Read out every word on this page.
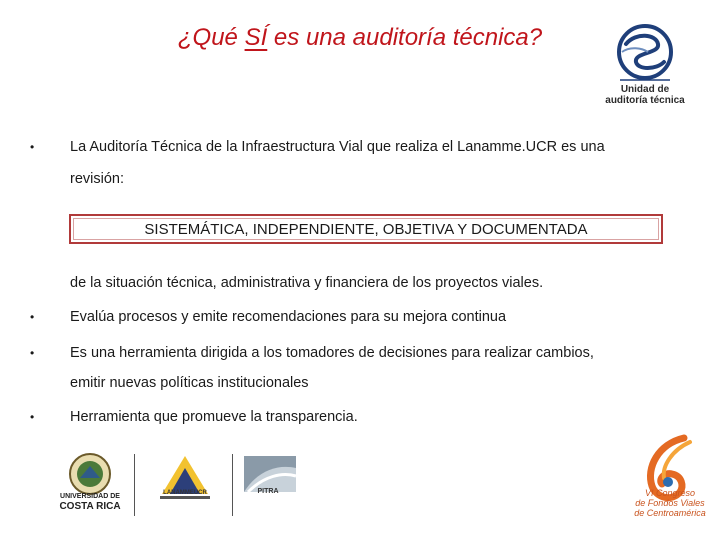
¿Qué SÍ es una auditoría técnica?
Unidad de
auditoría técnica
• La Auditoría Técnica de la Infraestructura Vial que realiza el Lanamme.UCR es una
revisión:
SISTEMÁTICA, INDEPENDIENTE, OBJETIVA Y DOCUMENTADA
de la situación técnica, administrativa y financiera de los proyectos viales.
• Evalúa procesos y emite recomendaciones para su mejora continua
• Es una herramienta dirigida a los tomadores de decisiones para realizar cambios,
emitir nuevas políticas institucionales
• Herramienta que promueve la transparencia.
UNIVERSIDAD DE
COSTA RICA
LANAMMEUCR	PITRA	VI Congreso
de Fondos Viales
de Centroamérica
